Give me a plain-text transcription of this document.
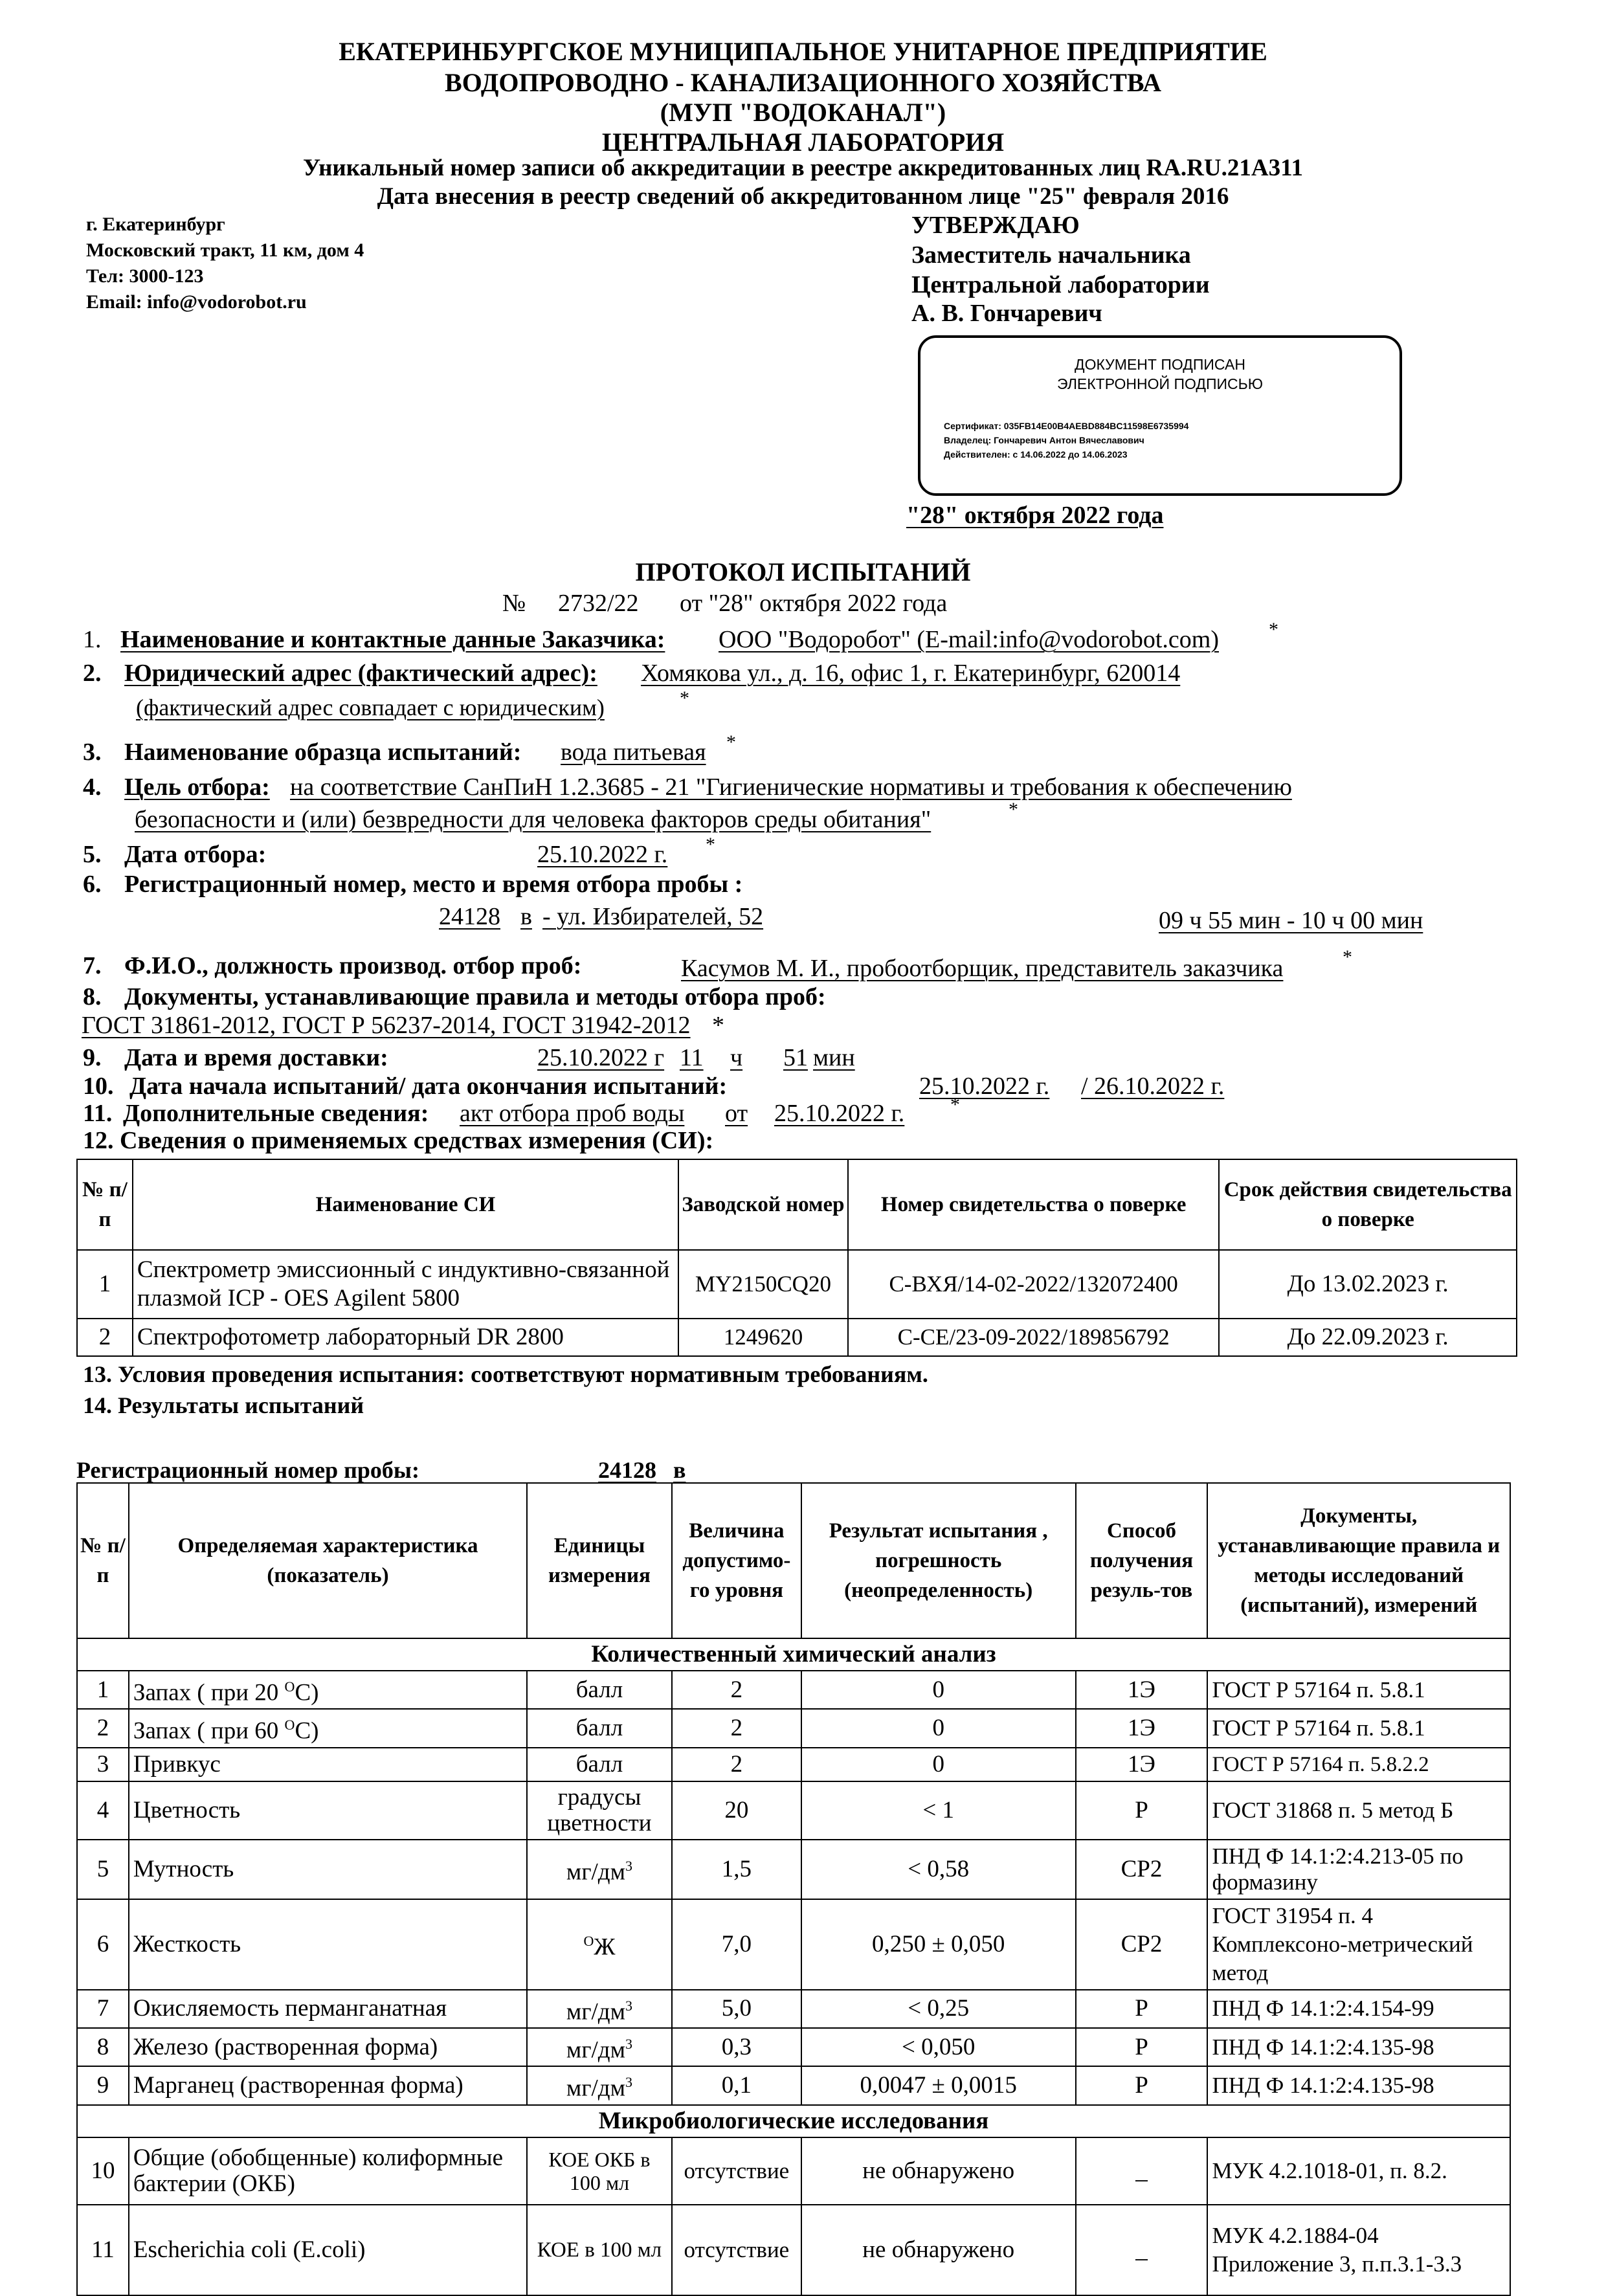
ЕКАТЕРИНБУРГСКОЕ МУНИЦИПАЛЬНОЕ УНИТАРНОЕ ПРЕДПРИЯТИЕ
ВОДОПРОВОДНО - КАНАЛИЗАЦИОННОГО ХОЗЯЙСТВА
(МУП "ВОДОКАНАЛ")
ЦЕНТРАЛЬНАЯ ЛАБОРАТОРИЯ
Уникальный номер записи об аккредитации в реестре аккредитованных лиц RA.RU.21А311
Дата внесения в реестр сведений об аккредитованном лице "25" февраля 2016
г. Екатеринбург
Московский тракт, 11 км, дом 4
Тел: 3000-123
Email: info@vodorobot.ru
УТВЕРЖДАЮ
Заместитель начальника
Центральной лаборатории
А. В. Гончаревич
ДОКУМЕНТ ПОДПИСАН
ЭЛЕКТРОННОЙ ПОДПИСЬЮ
Сертификат: 035FB14E00B4AEBD884BC11598E6735994
Владелец: Гончаревич Антон Вячеславович
Действителен: с 14.06.2022 до 14.06.2023
"28" октября 2022 года
ПРОТОКОЛ ИСПЫТАНИЙ
№ 2732/22 от "28" октября 2022 года
1. Наименование и контактные данные Заказчика: ООО "Водоробот" (E-mail:info@vodorobot.com)	*
2. Юридический адрес (фактический адрес): Хомякова ул., д. 16, офис 1, г. Екатеринбург, 620014
(фактический адрес совпадает с юридическим)	*
3. Наименование образца испытаний: вода питьевая *
4. Цель отбора: на соответствие СанПиН 1.2.3685 - 21 "Гигиенические нормативы и требования к обеспечению
безопасности и (или) безвредности для человека факторов среды обитания"	*
5. Дата отбора:	25.10.2022 г. *
6. Регистрационный номер, место и время отбора пробы :
24128 в - ул. Избирателей, 52	09 ч 55 мин - 10 ч 00 мин
7. Ф.И.О., должность производ. отбор проб:	Касумов М. И., пробоотборщик, представитель заказчика	*
8. Документы, устанавливающие правила и методы отбора проб:
ГОСТ 31861-2012, ГОСТ Р 56237-2014, ГОСТ 31942-2012 *
9. Дата и время доставки:	25.10.2022 г 11 ч 51 мин
10. Дата начала испытаний/ дата окончания испытаний:	25.10.2022 г. / 26.10.2022 г.
11. Дополнительные сведения: акт отбора проб воды от 25.10.2022 г. *
12. Сведения о применяемых средствах измерения (СИ):
№ п/п	Наименование СИ	Заводской номер	Номер свидетельства о поверке	Срок действия свидетельства о поверке
1	Спектрометр эмиссионный с индуктивно-связанной плазмой ICP - OES Agilent 5800	MY2150CQ20	С-ВХЯ/14-02-2022/132072400	До 13.02.2023 г.
2	Спектрофотометр лабораторный DR 2800	1249620	С-СЕ/23-09-2022/189856792	До 22.09.2023 г.
13. Условия проведения испытания: соответствуют нормативным требованиям.
14. Результаты испытаний
Регистрационный номер пробы:	24128 в
№ п/п	Определяемая характеристика (показатель)	Единицы измерения	Величина допустимо-го уровня	Результат испытания , погрешность (неопределенность)	Способ получения резуль-тов	Документы, устанавливающие правила и методы исследований (испытаний), измерений
Количественный химический анализ						
1	Запах ( при 20 $^О$С)	балл	2	0	1Э	ГОСТ Р 57164 п. 5.8.1
2	Запах ( при 60 $^О$С)	балл	2	0	1Э	ГОСТ Р 57164 п. 5.8.1
3	Привкус	балл	2	0	1Э	ГОСТ Р 57164 п. 5.8.2.2
4	Цветность	градусы цветности	20	< 1	Р	ГОСТ 31868 п. 5 метод Б
5	Мутность	$мг/дм^3$	1,5	< 0,58	СР2	ПНД Ф 14.1:2:4.213-05 по формазину
6	Жесткость	$^О$Ж	7,0	0,250 ± 0,050	СР2	ГОСТ 31954 п. 4 Комплексоно-метрический метод
7	Окисляемость перманганатная	$мг/дм^3$	5,0	< 0,25	Р	ПНД Ф 14.1:2:4.154-99
8	Железо (растворенная форма)	$мг/дм^3$	0,3	< 0,050	Р	ПНД Ф 14.1:2:4.135-98
9	Марганец (растворенная форма)	$мг/дм^3$	0,1	0,0047 ± 0,0015	Р	ПНД Ф 14.1:2:4.135-98
Микробиологические исследования						
10	Общие (обобщенные) колиформные бактерии (ОКБ)	КОЕ ОКБ в 100 мл	отсутствие	не обнаружено	_	МУК 4.2.1018-01, п. 8.2.
11	Escherichia coli (E.coli)	КОЕ в 100 мл	отсутствие	не обнаружено	_	МУК 4.2.1884-04 Приложение 3, п.п.3.1-3.3
